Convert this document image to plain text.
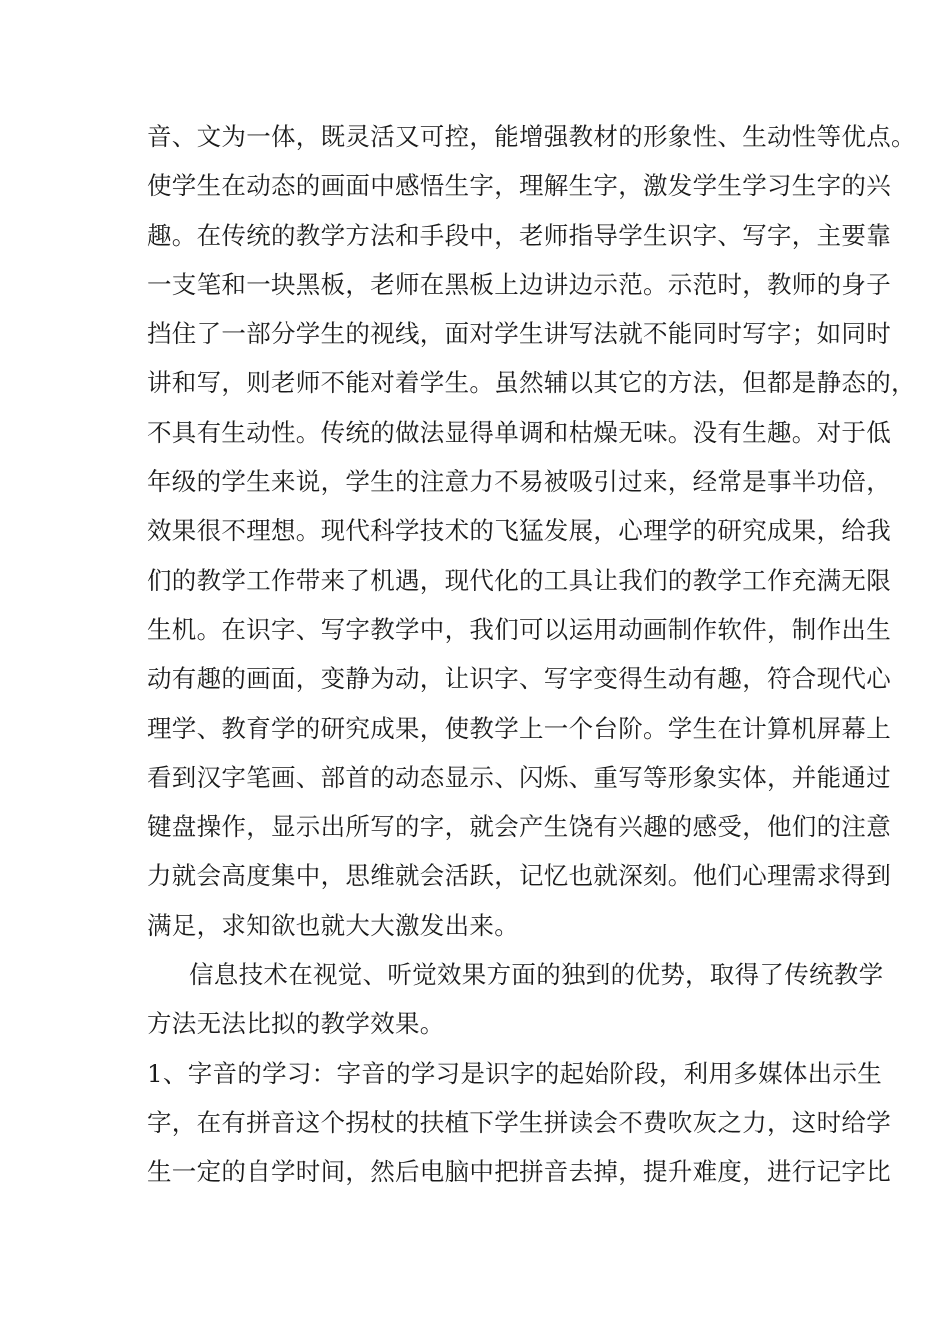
音、文为一体，既灵活又可控，能增强教材的形象性、生动性等优点。
使学生在动态的画面中感悟生字，理解生字，激发学生学习生字的兴
趣。在传统的教学方法和手段中，老师指导学生识字、写字，主要靠
一支笔和一块黑板，老师在黑板上边讲边示范。示范时，教师的身子
挡住了一部分学生的视线，面对学生讲写法就不能同时写字；如同时
讲和写，则老师不能对着学生。虽然辅以其它的方法，但都是静态的，
不具有生动性。传统的做法显得单调和枯燥无味。没有生趣。对于低
年级的学生来说，学生的注意力不易被吸引过来，经常是事半功倍，
效果很不理想。现代科学技术的飞猛发展，心理学的研究成果，给我
们的教学工作带来了机遇，现代化的工具让我们的教学工作充满无限
生机。在识字、写字教学中，我们可以运用动画制作软件，制作出生
动有趣的画面，变静为动，让识字、写字变得生动有趣，符合现代心
理学、教育学的研究成果，使教学上一个台阶。学生在计算机屏幕上
看到汉字笔画、部首的动态显示、闪烁、重写等形象实体，并能通过
键盘操作，显示出所写的字，就会产生饶有兴趣的感受，他们的注意
力就会高度集中，思维就会活跃，记忆也就深刻。他们心理需求得到
满足，求知欲也就大大激发出来。
信息技术在视觉、听觉效果方面的独到的优势，取得了传统教学
方法无法比拟的教学效果。
1、字音的学习：字音的学习是识字的起始阶段，利用多媒体出示生
字，在有拼音这个拐杖的扶植下学生拼读会不费吹灰之力，这时给学
生一定的自学时间，然后电脑中把拼音去掉，提升难度，进行记字比
